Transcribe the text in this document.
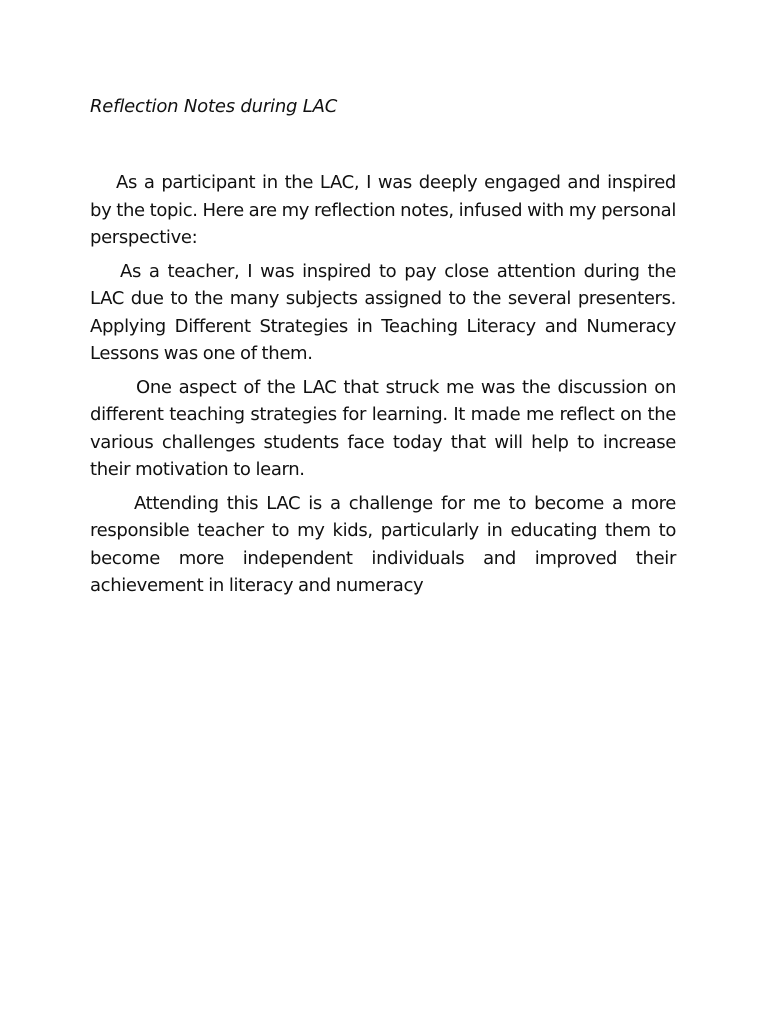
Reflection Notes during LAC

As a participant in the LAC, I was deeply engaged and inspired by the topic. Here are my reflection notes, infused with my personal perspective:

As a teacher, I was inspired to pay close attention during the LAC due to the many subjects assigned to the several presenters. Applying Different Strategies in Teaching Literacy and Numeracy Lessons was one of them.

One aspect of the LAC that struck me was the discussion on different teaching strategies for learning. It made me reflect on the various challenges students face today that will help to increase their motivation to learn.

Attending this LAC is a challenge for me to become a more responsible teacher to my kids, particularly in educating them to become more independent individuals and improved their achievement in literacy and numeracy
